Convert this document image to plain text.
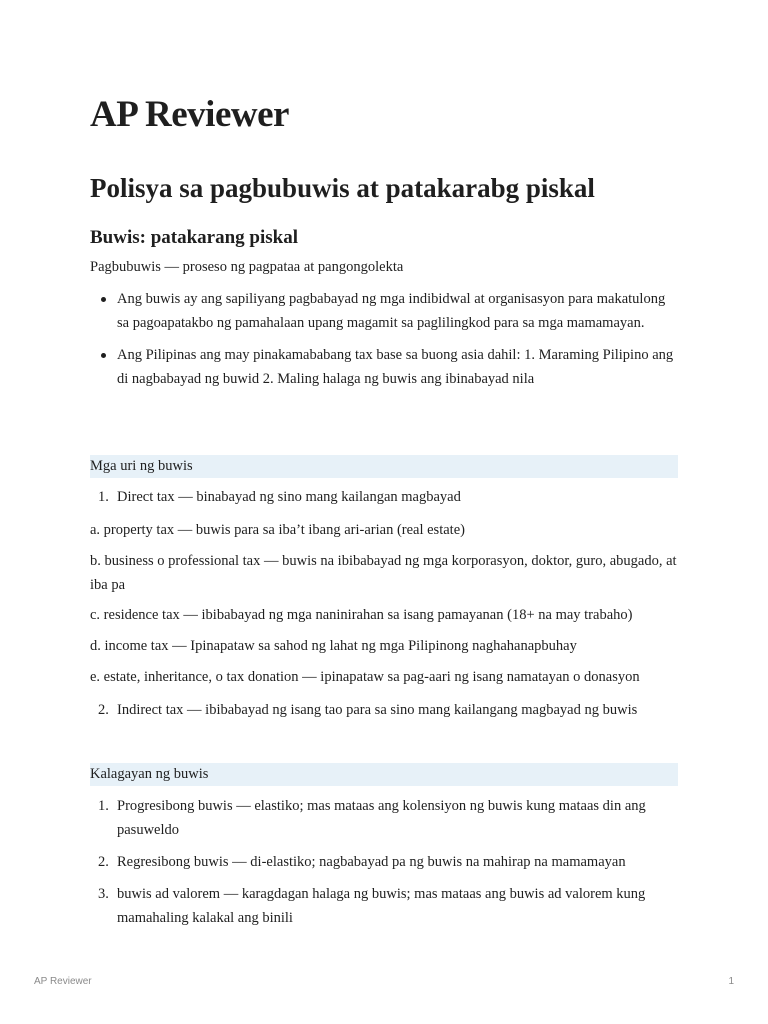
AP Reviewer
Polisya sa pagbubuwis at patakarabg piskal
Buwis: patakarang piskal

Pagbubuwis — proseso ng pagpataa at pangongolekta

Ang buwis ay ang sapiliyang pagbabayad ng mga indibidwal at organisasyon para makatulong sa pagoapatakbo ng pamahalaan upang magamit sa paglilingkod para sa mga mamamayan.
Ang Pilipinas ang may pinakamababang tax base sa buong asia dahil: 1. Maraming Pilipino ang di nagbabayad ng buwid 2. Maling halaga ng buwis ang ibinabayad nila
Mga uri ng buwis
1. Direct tax — binabayad ng sino mang kailangan magbayad

a. property tax — buwis para sa iba’t ibang ari-arian (real estate)

b. business o professional tax — buwis na ibibabayad ng mga korporasyon, doktor, guro, abugado, at iba pa

c. residence tax — ibibabayad ng mga naninirahan sa isang pamayanan (18+ na may trabaho)

d. income tax — Ipinapataw sa sahod ng lahat ng mga Pilipinong naghahanapbuhay

e. estate, inheritance, o tax donation — ipinapataw sa pag-aari ng isang namatayan o donasyon

2. Indirect tax — ibibabayad ng isang tao para sa sino mang kailangang magbayad ng buwis
Kalagayan ng buwis
1. Progresibong buwis — elastiko; mas mataas ang kolensiyon ng buwis kung mataas din ang pasuweldo
2. Regresibong buwis — di-elastiko; nagbabayad pa ng buwis na mahirap na mamamayan
3. buwis ad valorem — karagdagan halaga ng buwis; mas mataas ang buwis ad valorem kung mamahaling kalakal ang binili
AP Reviewer	1
